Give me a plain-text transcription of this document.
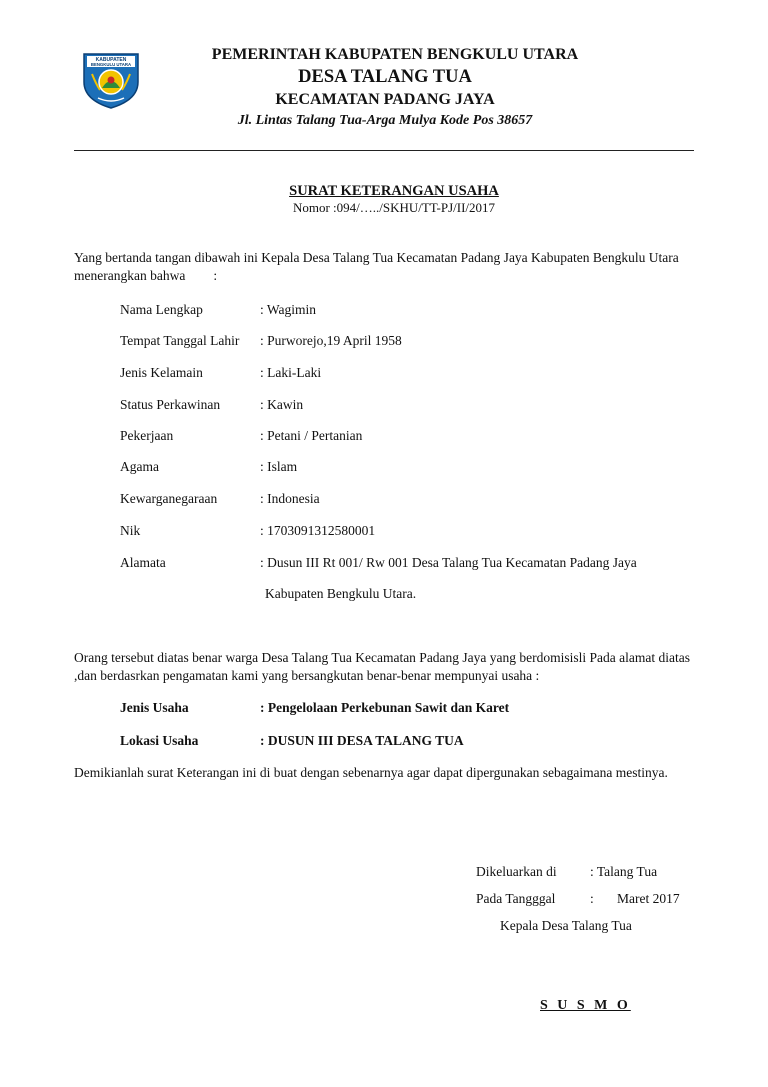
KABUPATEN
BENGKULU UTARA
PEMERINTAH KABUPATEN BENGKULU UTARA
DESA TALANG TUA
KECAMATAN PADANG JAYA
Jl. Lintas Talang Tua-Arga Mulya Kode Pos 38657
SURAT KETERANGAN USAHA
Nomor :094/…../SKHU/TT-PJ/II/2017
Yang bertanda tangan dibawah ini Kepala Desa Talang Tua Kecamatan Padang Jaya Kabupaten Bengkulu Utara menerangkan bahwa :
Nama Lengkap	: Wagimin
Tempat Tanggal Lahir	: Purworejo,19 April 1958
Jenis Kelamain	: Laki-Laki
Status Perkawinan	: Kawin
Pekerjaan	: Petani / Pertanian
Agama	: Islam
Kewarganegaraan	: Indonesia
Nik	: 1703091312580001
Alamata	: Dusun III Rt 001/ Rw 001 Desa Talang Tua Kecamatan Padang Jaya
Kabupaten Bengkulu Utara.
Orang tersebut diatas benar warga Desa Talang Tua Kecamatan Padang Jaya yang berdomisisli Pada alamat diatas ,dan berdasrkan pengamatan kami yang bersangkutan benar-benar mempunyai usaha :
Jenis Usaha	: Pengelolaan Perkebunan Sawit dan Karet
Lokasi Usaha	: DUSUN III DESA TALANG TUA
Demikianlah surat Keterangan ini di buat dengan sebenarnya agar dapat dipergunakan sebagaimana mestinya.
Dikeluarkan di : Talang Tua
Pada Tangggal	: Maret 2017
Kepala Desa Talang Tua
S U S M O
